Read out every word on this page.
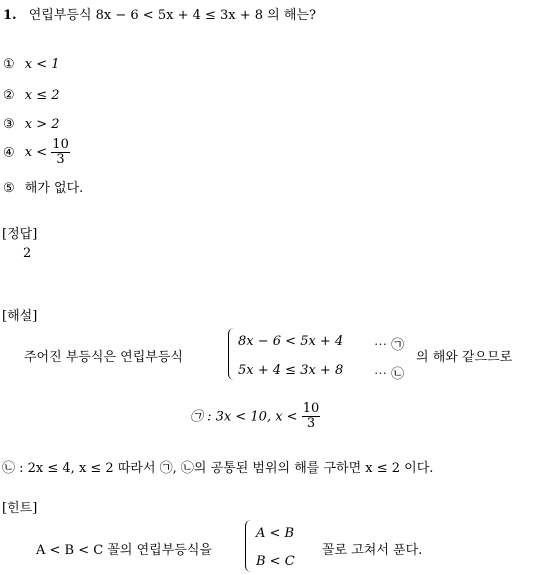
1. 연립부등식 8x − 6 < 5x + 4 ≤ 3x + 8 의 해는?
① x < 1
② x ≤ 2
③ x > 2
④ $x < \frac{10}{3}$
⑤ 해가 없다.
[정답]
2
[해설]
주어진 부등식은 연립부등식
8x − 6 < 5x + 4 ⋯ ㉠
5x + 4 ≤ 3x + 8 ⋯ ㉡
의 해와 같으므로
㉠ : 3x < 10, $x < \frac{10}{3}$
㉡ : 2x ≤ 4, x ≤ 2 따라서 ㉠, ㉡의 공통된 범위의 해를 구하면 x ≤ 2 이다.
[힌트]
A < B < C 꼴의 연립부등식을
A < B
B < C
꼴로 고쳐서 푼다.
